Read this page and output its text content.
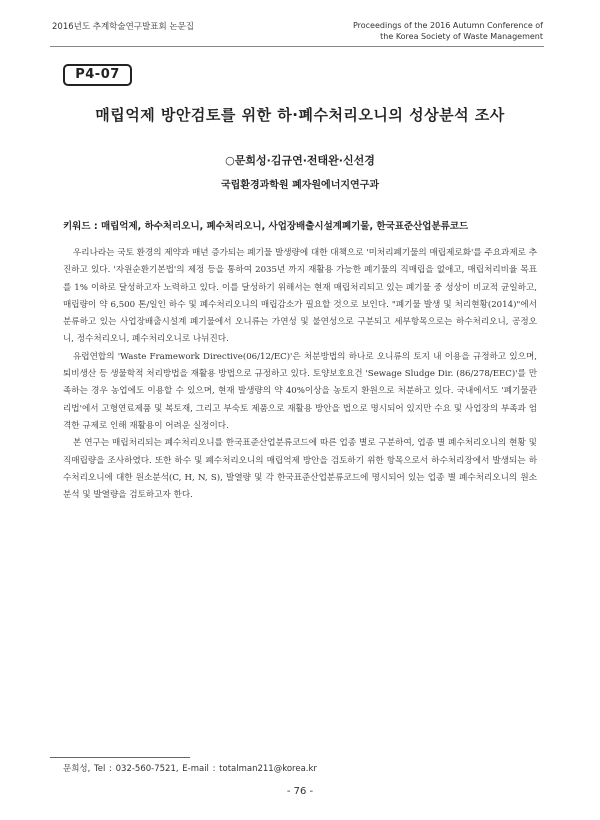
2016년도 추계학술연구발표회 논문집	Proceedings of the 2016 Autumn Conference of
the Korea Society of Waste Management
P4-07
매립억제 방안검토를 위한 하·폐수처리오니의 성상분석 조사
○문희성·김규연·전태완·신선경
국립환경과학원 폐자원에너지연구과
키워드 : 매립억제, 하수처리오니, 폐수처리오니, 사업장배출시설계폐기물, 한국표준산업분류코드

우리나라는 국토 환경의 제약과 매년 증가되는 폐기물 발생량에 대한 대책으로 '미처리폐기물의 매립제로화'를 주요과제로 추진하고 있다. '자원순환기본법'의 제정 등을 통하여 2035년 까지 재활용 가능한 폐기물의 직매립을 없애고, 매립처리비율 목표를 1% 이하로 달성하고자 노력하고 있다. 이를 달성하기 위해서는 현재 매립처리되고 있는 폐기물 중 성상이 비교적 균일하고, 매립량이 약 6,500 톤/일인 하수 및 폐수처리오니의 매립감소가 필요할 것으로 보인다. "폐기물 발생 및 처리현황(2014)"에서 분류하고 있는 사업장배출시설계 폐기물에서 오니류는 가연성 및 불연성으로 구분되고 세부항목으로는 하수처리오니, 공정오니, 정수처리오니, 폐수처리오니로 나뉘진다.

유럽연합의 'Waste Framework Directive(06/12/EC)'은 처분방법의 하나로 오니류의 토지 내 이용을 규정하고 있으며, 퇴비생산 등 생물학적 처리방법을 재활용 방법으로 규정하고 있다. 토양보호요건 'Sewage Sludge Dir. (86/278/EEC)'를 만족하는 경우 농업에도 이용할 수 있으며, 현재 발생량의 약 40%이상을 농토지 환원으로 처분하고 있다. 국내에서도 '폐기물관리법'에서 고형연료제품 및 복토재, 그리고 부숙토 제품으로 재활용 방안을 법으로 명시되어 있지만 수요 및 사업장의 부족과 엄격한 규제로 인해 재활용이 어려운 실정이다.

본 연구는 매립처리되는 폐수처리오니를 한국표준산업분류코드에 따른 업종 별로 구분하여, 업종 별 폐수처리오니의 현황 및 직매립량을 조사하였다. 또한 하수 및 폐수처리오니의 매립억제 방안을 검토하기 위한 항목으로서 하수처리장에서 발생되는 하수처리오니에 대한 원소분석(C, H, N, S), 발열량 및 각 한국표준산업분류코드에 명시되어 있는 업종 별 폐수처리오니의 원소분석 및 발열량을 검토하고자 한다.

문희성, Tel : 032-560-7521, E-mail : totalman211@korea.kr
- 76 -
